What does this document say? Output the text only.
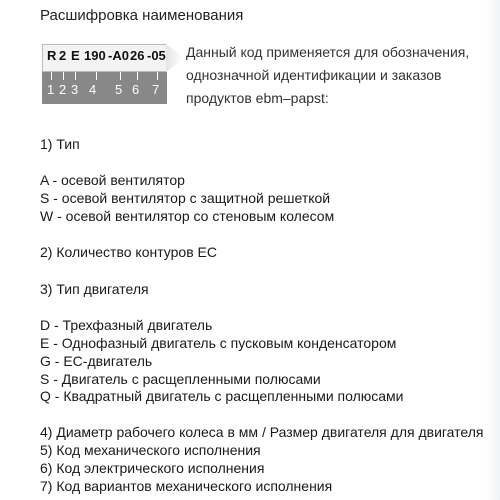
Расшифровка наименования
R 2 E 190 -A0 26 -05
1 2 3 4 5 6 7
Данный код применяется для обозначения,
однозначной идентификации и заказов
продуктов ebm–papst:
1) Тип
A - осевой вентилятор
S - осевой вентилятор с защитной решеткой
W - осевой вентилятор со стеновым колесом
2) Количество контуров EC
3) Тип двигателя
D - Трехфазный двигатель
E - Однофазный двигатель с пусковым конденсатором
G - EC-двигатель
S - Двигатель с расщепленными полюсами
Q - Квадратный двигатель с расщепленными полюсами
4) Диаметр рабочего колеса в мм / Размер двигателя для двигателя
5) Код механического исполнения
6) Код электрического исполнения
7) Код вариантов механического исполнения
